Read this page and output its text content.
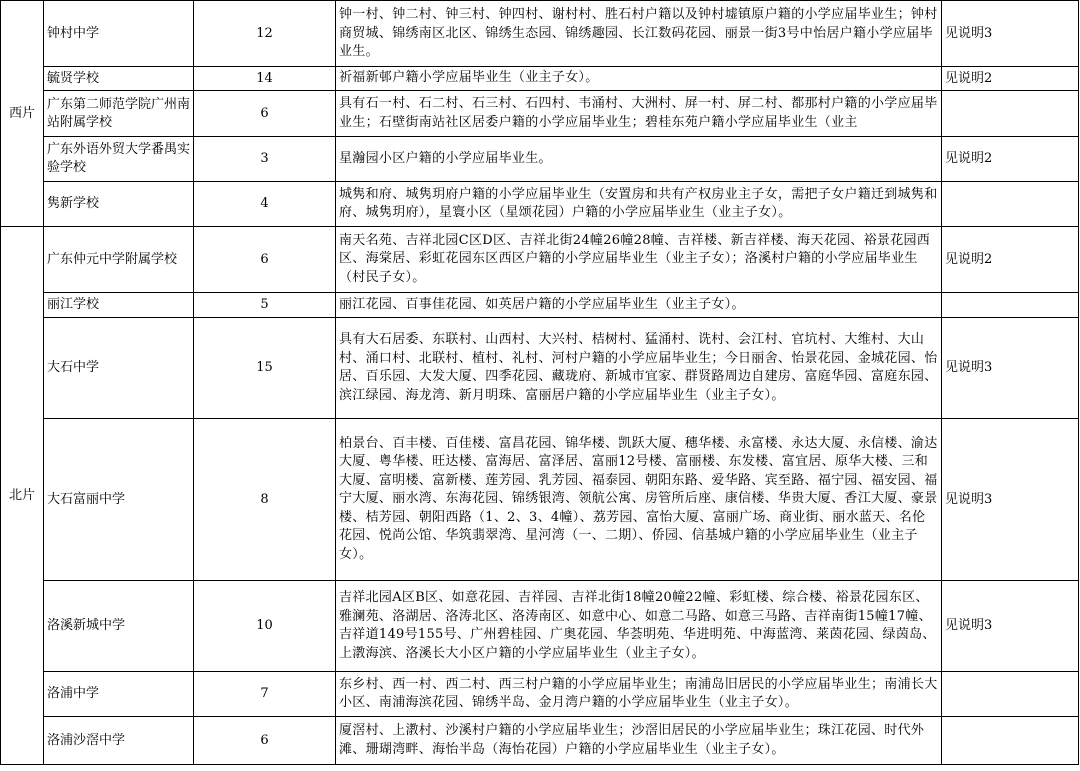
西片	钟村中学	12	钟一村、钟二村、钟三村、钟四村、谢村村、胜石村户籍以及钟村墟镇原户籍的小学应届毕业生；钟村商贸城、锦绣南区北区、锦绣生态园、锦绣趣园、长江数码花园、丽景一街3号中怡居户籍小学应届毕业生。	见说明3
	毓贤学校	14	祈福新邨户籍小学应届毕业生（业主子女）。	见说明2
	广东第二师范学院广州南站附属学校	6	具有石一村、石二村、石三村、石四村、韦涌村、大洲村、屏一村、屏二村、都那村户籍的小学应届毕业生；石壁街南站社区居委户籍的小学应届毕业生；碧桂东苑户籍小学应届毕业生（业主	

	广东外语外贸大学番禺实验学校	3	星瀚园小区户籍的小学应届毕业生。	见说明2
	隽新学校	4	城隽和府、城隽玥府户籍的小学应届毕业生（安置房和共有产权房业主子女，需把子女户籍迁到城隽和府、城隽玥府），星寰小区（星颂花园）户籍的小学应届毕业生（业主子女）。	
北片	广东仲元中学附属学校	6	南天名苑、吉祥北园C区D区、吉祥北街24幢26幢28幢、吉祥楼、新吉祥楼、海天花园、裕景花园西区、海棠居、彩虹花园东区西区户籍的小学应届毕业生（业主子女）；洛溪村户籍的小学应届毕业生（村民子女）。	见说明2
	丽江学校	5	丽江花园、百事佳花园、如英居户籍的小学应届毕业生（业主子女）。	
	大石中学	15	具有大石居委、东联村、山西村、大兴村、桔树村、猛涌村、诜村、会江村、官坑村、大维村、大山村、涌口村、北联村、植村、礼村、河村户籍的小学应届毕业生；今日丽舍、怡景花园、金城花园、怡居、百乐园、大发大厦、四季花园、藏珑府、新城市宜家、群贤路周边自建房、富庭华园、富庭东园、滨江绿园、海龙湾、新月明珠、富丽居户籍的小学应届毕业生（业主子女）。	见说明3
	大石富丽中学	8	柏景台、百丰楼、百佳楼、富昌花园、锦华楼、凯跃大厦、穗华楼、永富楼、永达大厦、永信楼、渝达大厦、粤华楼、旺达楼、富海居、富泽居、富丽12号楼、富丽楼、东发楼、富宜居、原华大楼、三和大厦、富明楼、富新楼、莲芳园、乳芳园、福泰园、朝阳东路、爱华路、宾至路、福宁园、福安园、福宁大厦、丽水湾、东海花园、锦绣银湾、领航公寓、房管所后座、康信楼、华贵大厦、香江大厦、豪景楼、桔芳园、朝阳西路（1、2、3、4幢）、荔芳园、富怡大厦、富丽广场、商业街、丽水蓝天、名伦花园、悦尚公馆、华筑翡翠湾、星河湾（一、二期）、侨园、信基城户籍的小学应届毕业生（业主子女）。	见说明3
	洛溪新城中学	10	吉祥北园A区B区、如意花园、吉祥园、吉祥北街18幢20幢22幢、彩虹楼、综合楼、裕景花园东区、雅澜苑、洛湖居、洛涛北区、洛涛南区、如意中心、如意二马路、如意三马路、吉祥南街15幢17幢、吉祥道149号155号、广州碧桂园、广奥花园、华荟明苑、华进明苑、中海蓝湾、莱茵花园、绿茵岛、上漖海滨、洛溪长大小区户籍的小学应届毕业生（业主子女）。	见说明3
	洛浦中学	7	东乡村、西一村、西二村、西三村户籍的小学应届毕业生；南浦岛旧居民的小学应届毕业生；南浦长大小区、南浦海滨花园、锦绣半岛、金月湾户籍的小学应届毕业生（业主子女）。	
	洛浦沙滘中学	6	厦滘村、上漖村、沙溪村户籍的小学应届毕业生；沙滘旧居民的小学应届毕业生；珠江花园、时代外滩、珊瑚湾畔、海怡半岛（海怡花园）户籍的小学应届毕业生（业主子女）。	
